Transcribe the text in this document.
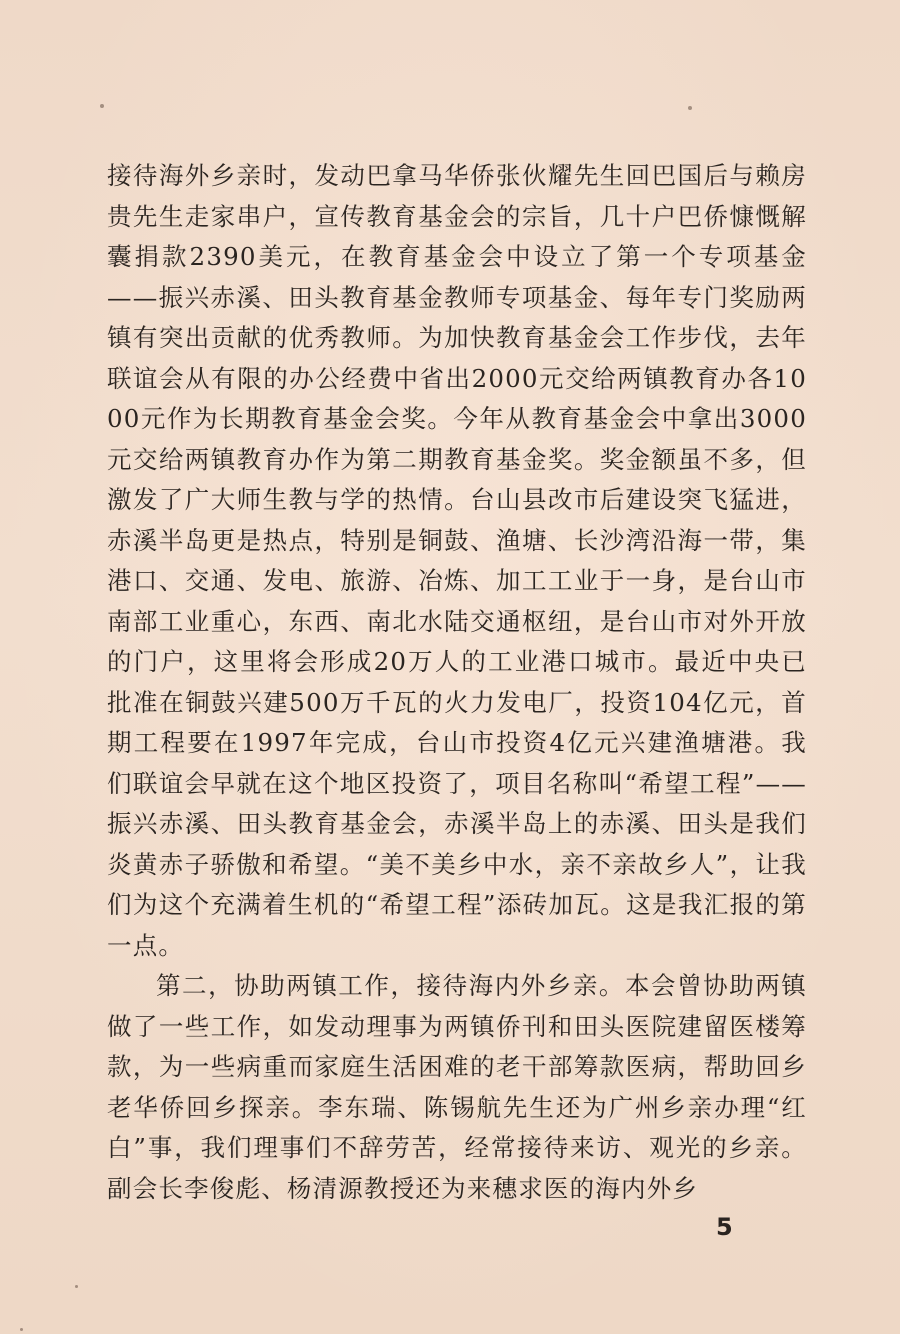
接待海外乡亲时，发动巴拿马华侨张伙耀先生回巴国后与赖房贵先生走家串户，宣传教育基金会的宗旨，几十户巴侨慷慨解囊捐款2390美元，在教育基金会中设立了第一个专项基金——振兴赤溪、田头教育基金教师专项基金、每年专门奖励两镇有突出贡献的优秀教师。为加快教育基金会工作步伐，去年联谊会从有限的办公经费中省出2000元交给两镇教育办各1000元作为长期教育基金会奖。今年从教育基金会中拿出3000元交给两镇教育办作为第二期教育基金奖。奖金额虽不多，但激发了广大师生教与学的热情。台山县改市后建设突飞猛进，赤溪半岛更是热点，特别是铜鼓、渔塘、长沙湾沿海一带，集港口、交通、发电、旅游、冶炼、加工工业于一身，是台山市南部工业重心，东西、南北水陆交通枢纽，是台山市对外开放的门户，这里将会形成20万人的工业港口城市。最近中央已批准在铜鼓兴建500万千瓦的火力发电厂，投资104亿元，首期工程要在1997年完成，台山市投资4亿元兴建渔塘港。我们联谊会早就在这个地区投资了，项目名称叫“希望工程”——振兴赤溪、田头教育基金会，赤溪半岛上的赤溪、田头是我们炎黄赤子骄傲和希望。“美不美乡中水，亲不亲故乡人”，让我们为这个充满着生机的“希望工程”添砖加瓦。这是我汇报的第一点。

第二，协助两镇工作，接待海内外乡亲。本会曾协助两镇做了一些工作，如发动理事为两镇侨刊和田头医院建留医楼筹款，为一些病重而家庭生活困难的老干部筹款医病，帮助回乡老华侨回乡探亲。李东瑞、陈锡航先生还为广州乡亲办理“红白”事，我们理事们不辞劳苦，经常接待来访、观光的乡亲。副会长李俊彪、杨清源教授还为来穗求医的海内外乡

5
